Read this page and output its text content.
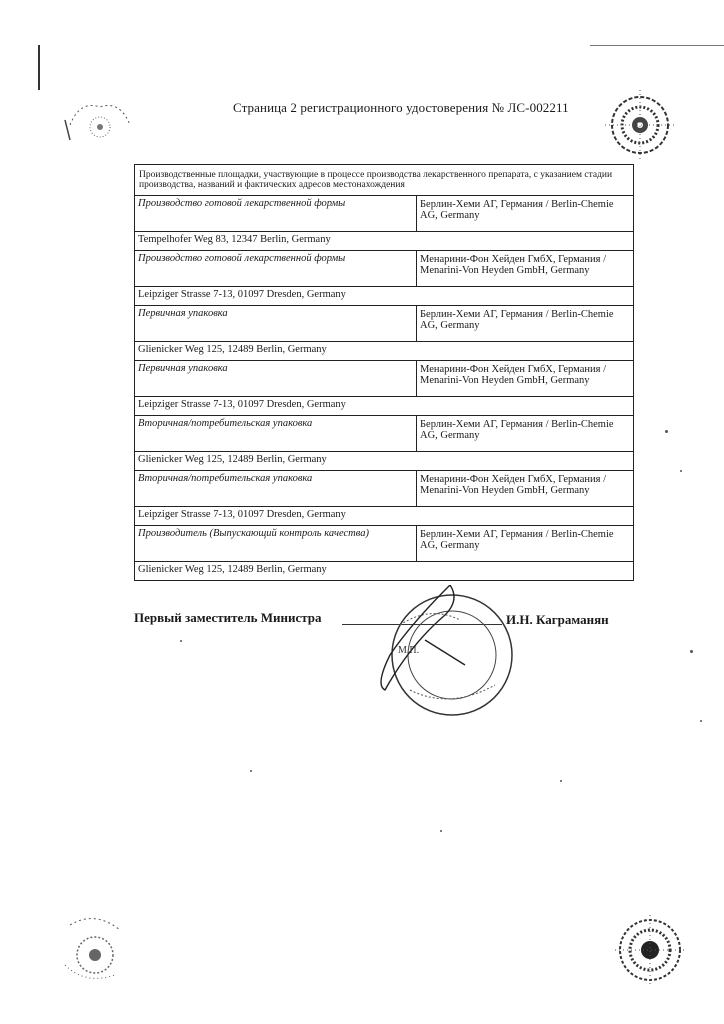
Страница 2 регистрационного удостоверения № ЛС-002211
Производственные площадки, участвующие в процессе производства лекарственного препарата, с указанием стадии производства, названий и фактических адресов местонахождения	
Производство готовой лекарственной формы	Берлин-Хеми АГ, Германия / Berlin-Chemie AG, Germany
Tempelhofer Weg 83, 12347 Berlin, Germany	
Производство готовой лекарственной формы	Менарини-Фон Хейден ГмбХ, Германия / Menarini-Von Heyden GmbH, Germany
Leipziger Strasse 7-13, 01097 Dresden, Germany	
Первичная упаковка	Берлин-Хеми АГ, Германия / Berlin-Chemie AG, Germany
Glienicker Weg 125, 12489 Berlin, Germany	
Первичная упаковка	Менарини-Фон Хейден ГмбХ, Германия / Menarini-Von Heyden GmbH, Germany
Leipziger Strasse 7-13, 01097 Dresden, Germany	
Вторичная/потребительская упаковка	Берлин-Хеми АГ, Германия / Berlin-Chemie AG, Germany
Glienicker Weg 125, 12489 Berlin, Germany	
Вторичная/потребительская упаковка	Менарини-Фон Хейден ГмбХ, Германия / Menarini-Von Heyden GmbH, Germany
Leipziger Strasse 7-13, 01097 Dresden, Germany	
Производитель (Выпускающий контроль качества)	Берлин-Хеми АГ, Германия / Berlin-Chemie AG, Germany
Glienicker Weg 125, 12489 Berlin, Germany	
Первый заместитель Министра	И.Н. Каграманян
М.П.
